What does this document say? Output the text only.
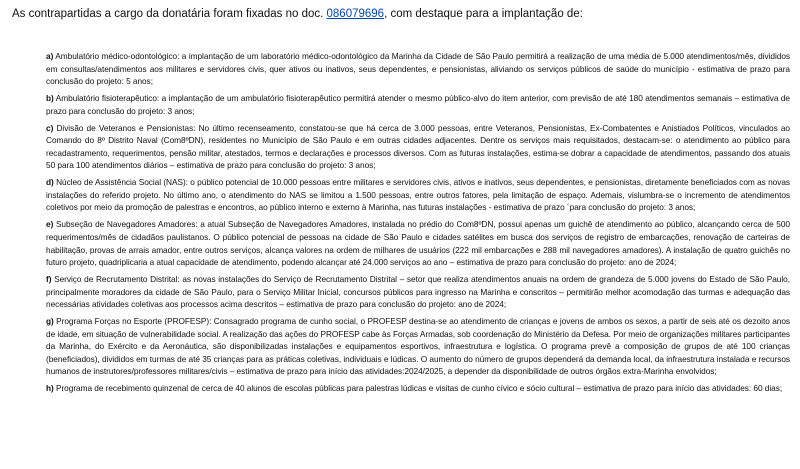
As contrapartidas a cargo da donatária foram fixadas no doc. 086079696, com destaque para a implantação de:

a) Ambulatório médico-odontológico: a implantação de um laboratório médico-odontológico da Marinha da Cidade de São Paulo permitirá a realização de uma média de 5.000 atendimentos/mês, divididos em consultas/atendimentos aos militares e servidores civis, quer ativos ou inativos, seus dependentes, e pensionistas, aliviando os serviços públicos de saúde do município - estimativa de prazo para conclusão do projeto: 5 anos;

b) Ambulatório fisioterapêutico: a implantação de um ambulatório fisioterapêutico permitirá atender o mesmo público-alvo do item anterior, com previsão de até 180 atendimentos semanais – estimativa de prazo para conclusão do projeto: 3 anos;

c) Divisão de Veteranos e Pensionistas: No último recenseamento, constatou-se que há cerca de 3.000 pessoas, entre Veteranos, Pensionistas, Ex-Combatentes e Anistiados Políticos, vinculados ao Comando do 8º Distrito Naval (Com8ºDN), residentes no Município de São Paulo e em outras cidades adjacentes. Dentre os serviços mais requisitados, destacam-se: o atendimento ao público para recadastramento, requerimentos, pensão militar, atestados, termos e declarações e processos diversos. Com as futuras instalações, estima-se dobrar a capacidade de atendimentos, passando dos atuais 50 para 100 atendimentos diários – estimativa de prazo para conclusão do projeto: 3 anos;

d) Núcleo de Assistência Social (NAS): o público potencial de 10.000 pessoas entre militares e servidores civis, ativos e inativos, seus dependentes, e pensionistas, diretamente beneficiados com as novas instalações do referido projeto. No último ano, o atendimento do NAS se limitou a 1.500 pessoas, entre outros fatores, pela limitação de espaço. Ademais, vislumbra-se o incremento de atendimentos coletivos por meio da promoção de palestras e encontros, ao público interno e externo à Marinha, nas futuras instalações - estimativa de prazo ´para conclusão do projeto: 3 anos;

e) Subseção de Navegadores Amadores: a atual Subseção de Navegadores Amadores, instalada no prédio do Com8ºDN, possui apenas um guichê de atendimento ao público, alcançando cerca de 500 requerimentos/mês de cidadãos paulistanos. O público potencial de pessoas na cidade de São Paulo e cidades satélites em busca dos serviços de registro de embarcações, renovação de carteiras de habilitação, provas de arrais amador, entre outros serviços, alcança valores na ordem de milhares de usuários (222 mil embarcações e 288 mil navegadores amadores). A instalação de quatro guichês no futuro projeto, quadriplicaria a atual capacidade de atendimento, podendo alcançar até 24.000 serviços ao ano – estimativa de prazo para conclusão do projeto: ano de 2024;

f) Serviço de Recrutamento Distrital: as novas instalações do Serviço de Recrutamento Distrital – setor que realiza atendimentos anuais na ordem de grandeza de 5.000 jovens do Estado de São Paulo, principalmente moradores da cidade de São Paulo, para o Serviço Militar Inicial, concursos públicos para ingresso na Marinha e conscritos – permitirão melhor acomodação das turmas e adequação das necessárias atividades coletivas aos processos acima descritos – estimativa de prazo para conclusão do projeto: ano de 2024;

g) Programa Forças no Esporte (PROFESP): Consagrado programa de cunho social, o PROFESP destina-se ao atendimento de crianças e jovens de ambos os sexos, a partir de seis até os dezoito anos de idade, em situação de vulnerabilidade social. A realização das ações do PROFESP cabe às Forças Armadas, sob coordenação do Ministério da Defesa. Por meio de organizações militares participantes da Marinha, do Exército e da Aeronáutica, são disponibilizadas instalações e equipamentos esportivos, infraestrutura e logística. O programa prevê a composição de grupos de até 100 crianças (beneficiados), divididos em turmas de até 35 crianças para as práticas coletivas, individuais e lúdicas. O aumento do número de grupos dependerá da demanda local, da infraestrutura instalada e recursos humanos de instrutores/professores militares/civis – estimativa de prazo para início das atividades:2024/2025, a depender da disponibilidade de outros órgãos extra-Marinha envolvidos;

h) Programa de recebimento quinzenal de cerca de 40 alunos de escolas públicas para palestras lúdicas e visitas de cunho cívico e sócio cultural – estimativa de prazo para início das atividades: 60 dias;
